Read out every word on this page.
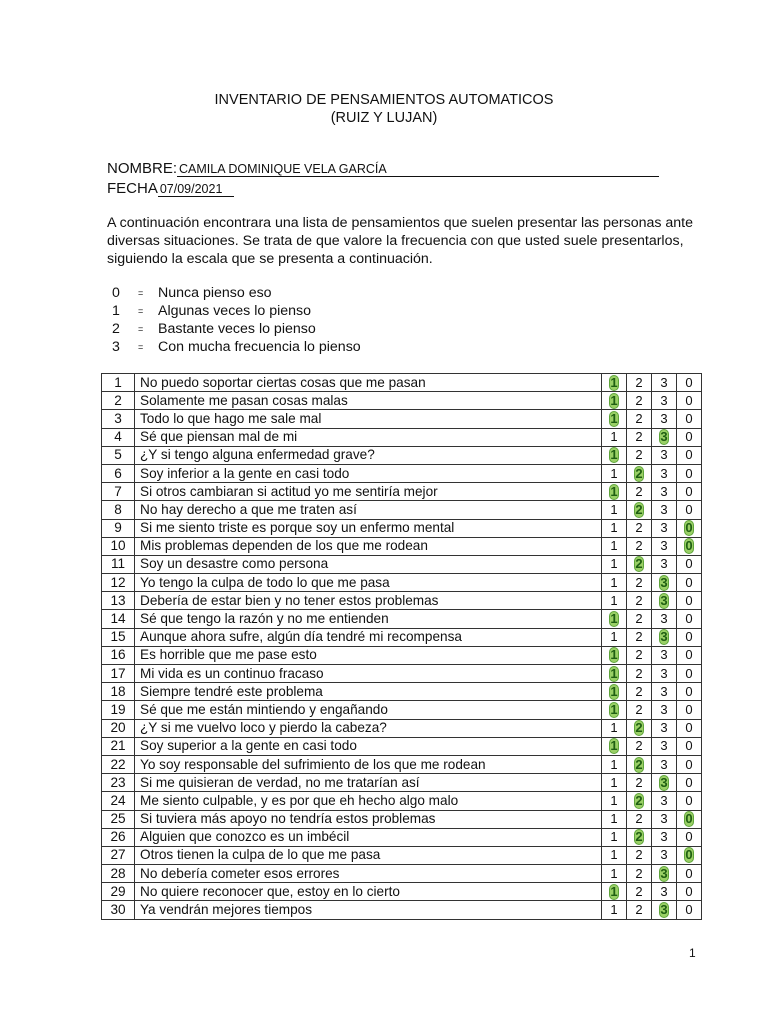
INVENTARIO DE PENSAMIENTOS AUTOMATICOS
(RUIZ Y LUJAN)
NOMBRE: CAMILA DOMINIQUE VELA GARCÍA
FECHA 07/09/2021
A continuación encontrara una lista de pensamientos que suelen presentar las personas ante diversas situaciones. Se trata de que valore la frecuencia con que usted suele presentarlos, siguiendo la escala que se presenta a continuación.
0 = Nunca pienso eso
1 = Algunas veces lo pienso
2 = Bastante veces lo pienso
3 = Con mucha frecuencia lo pienso
1	No puedo soportar ciertas cosas que me pasan	1	2	3	0
2	Solamente me pasan cosas malas	1	2	3	0
3	Todo lo que hago me sale mal	1	2	3	0
4	Sé que piensan mal de mi	1	2	3	0
5	¿Y si tengo alguna enfermedad grave?	1	2	3	0
6	Soy inferior a la gente en casi todo	1	2	3	0
7	Si otros cambiaran si actitud yo me sentiría mejor	1	2	3	0
8	No hay derecho a que me traten así	1	2	3	0
9	Si me siento triste es porque soy un enfermo mental	1	2	3	0
10	Mis problemas dependen de los que me rodean	1	2	3	0
11	Soy un desastre como persona	1	2	3	0
12	Yo tengo la culpa de todo lo que me pasa	1	2	3	0
13	Debería de estar bien y no tener estos problemas	1	2	3	0
14	Sé que tengo la razón y no me entienden	1	2	3	0
15	Aunque ahora sufre, algún día tendré mi recompensa	1	2	3	0
16	Es horrible que me pase esto	1	2	3	0
17	Mi vida es un continuo fracaso	1	2	3	0
18	Siempre tendré este problema	1	2	3	0
19	Sé que me están mintiendo y engañando	1	2	3	0
20	¿Y si me vuelvo loco y pierdo la cabeza?	1	2	3	0
21	Soy superior a la gente en casi todo	1	2	3	0
22	Yo soy responsable del sufrimiento de los que me rodean	1	2	3	0
23	Si me quisieran de verdad, no me tratarían así	1	2	3	0
24	Me siento culpable, y es por que eh hecho algo malo	1	2	3	0
25	Si tuviera más apoyo no tendría estos problemas	1	2	3	0
26	Alguien que conozco es un imbécil	1	2	3	0
27	Otros tienen la culpa de lo que me pasa	1	2	3	0
28	No debería cometer esos errores	1	2	3	0
29	No quiere reconocer que, estoy en lo cierto	1	2	3	0
30	Ya vendrán mejores tiempos	1	2	3	0
1
